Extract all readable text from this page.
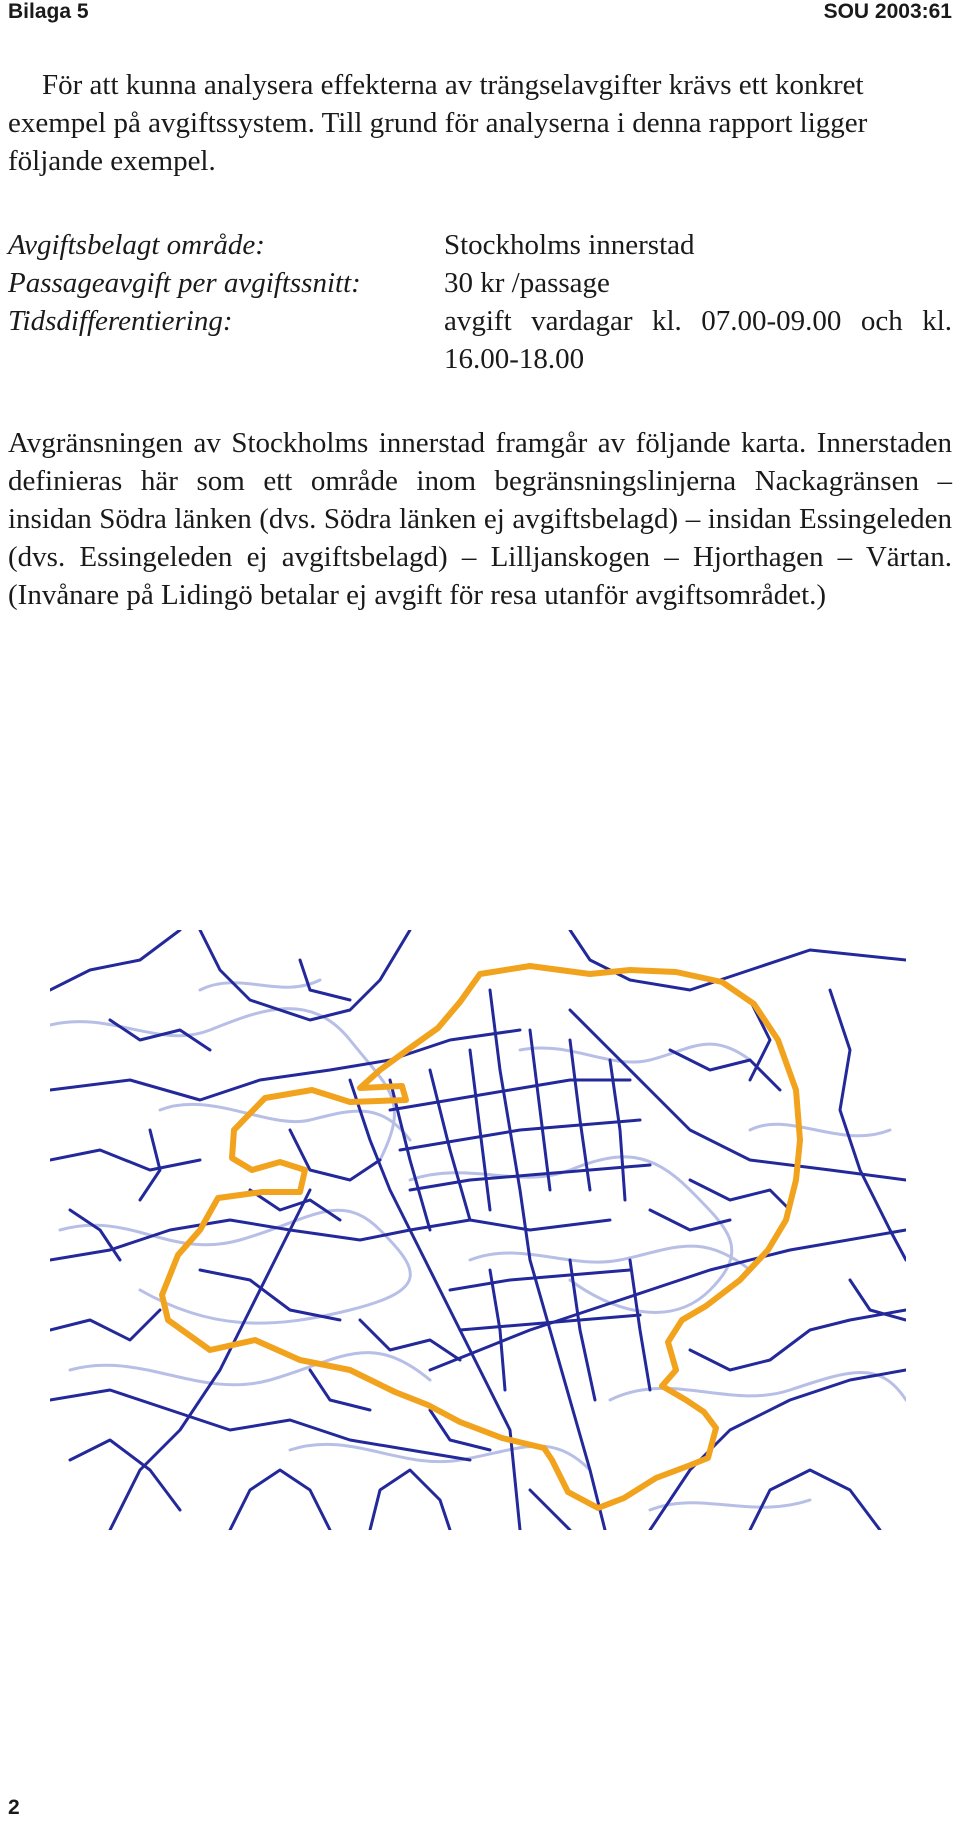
Bilaga 5	SOU 2003:61

För att kunna analysera effekterna av trängselavgifter krävs ett konkret exempel på avgiftssystem. Till grund för analyserna i denna rapport ligger följande exempel.

Avgiftsbelagt område:	Stockholms innerstad
Passageavgift per avgiftssnitt:	30 kr /passage
Tidsdifferentiering:	avgift vardagar kl. 07.00-09.00 och kl. 16.00-18.00

Avgränsningen av Stockholms innerstad framgår av följande karta. Innerstaden definieras här som ett område inom begränsningslinjerna Nackagränsen – insidan Södra länken (dvs. Södra länken ej avgiftsbelagd) – insidan Essingeleden (dvs. Essingeleden ej avgiftsbelagd) – Lilljanskogen – Hjorthagen – Värtan. (Invånare på Lidingö betalar ej avgift för resa utanför avgiftsområdet.)

2
